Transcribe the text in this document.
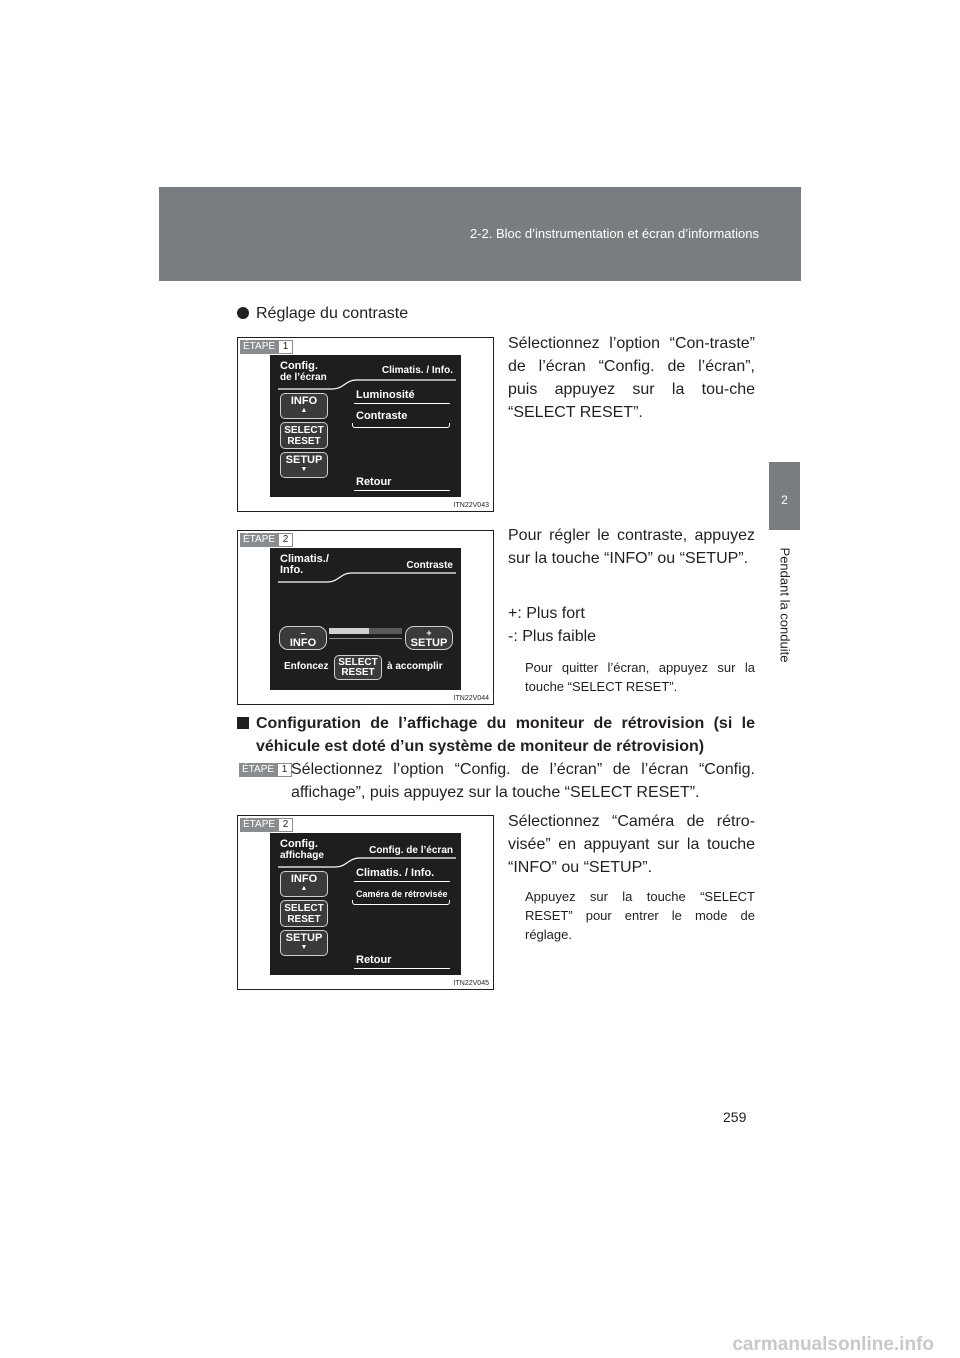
2-2. Bloc d’instrumentation et écran d’informations
2
Pendant la conduite
Réglage du contraste
ÉTAPE 1
Config.
de l’écran
Climatis. / Info.
Luminosité
Contraste
Retour
INFO
▲
SELECT
RESET
SETUP
▼
ITN22V043
Sélectionnez l’option “Con-traste” de l’écran “Config. de l’écran”, puis appuyez sur la tou-che “SELECT RESET”.
ÉTAPE 2
Climatis./
Info.	Contraste
–
INFO
+
SETUP
Enfoncez SELECT
RESET
à accomplir
ITN22V044
Pour régler le contraste, appuyez sur la touche “INFO” ou “SETUP”.
+: Plus fort
-: Plus faible
Pour quitter l’écran, appuyez sur la touche “SELECT RESET”.
Configuration de l’affichage du moniteur de rétrovision (si le véhicule est doté d’un système de moniteur de rétrovision)
ÉTAPE 1 Sélectionnez l’option “Config. de l’écran” de l’écran “Config. affichage”, puis appuyez sur la touche “SELECT RESET”.
ÉTAPE 2
Config.
affichage	Config. de l’écran
Climatis. / Info.
Caméra de rétrovisée
Retour
INFO
▲
SELECT
RESET
SETUP
▼
ITN22V045
Sélectionnez “Caméra de rétro-visée” en appuyant sur la touche “INFO” ou “SETUP”.
Appuyez sur la touche “SELECT RESET” pour entrer le mode de réglage.
259
carmanualsonline.info
